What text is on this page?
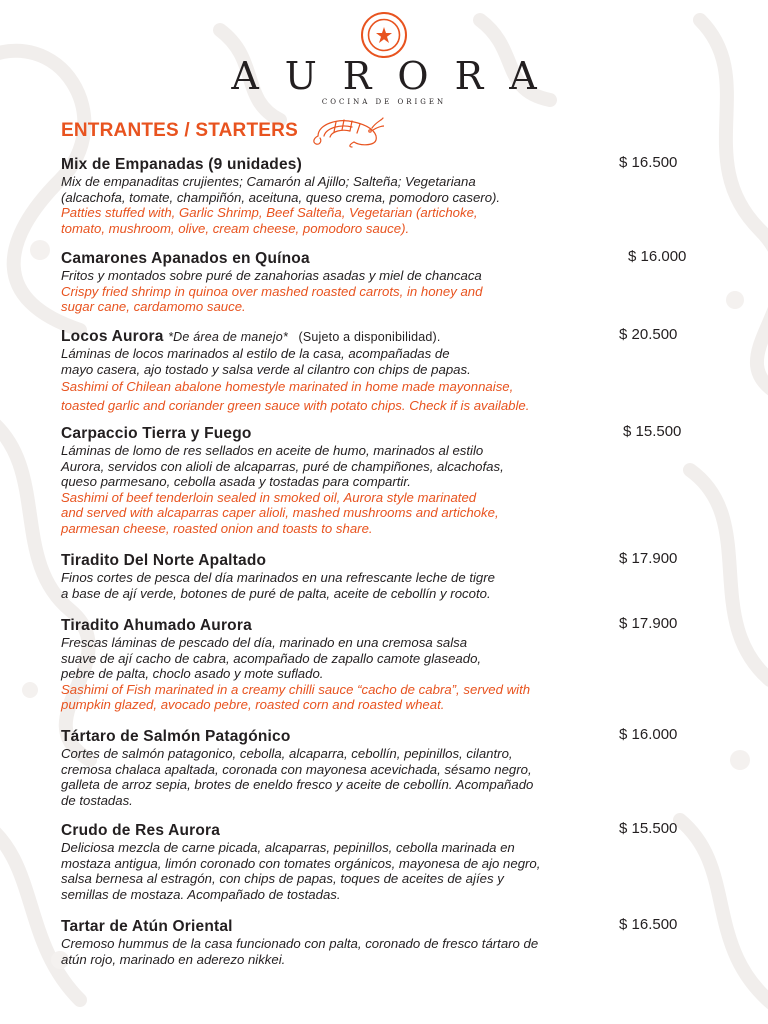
AURORA
COCINA DE ORIGEN
ENTRANTES / STARTERS
Mix de Empanadas (9 unidades)	$ 16.500
Mix de empanaditas crujientes; Camarón al Ajillo; Salteña; Vegetariana
(alcachofa, tomate, champiñón, aceituna, queso crema, pomodoro casero).
Patties stuffed with, Garlic Shrimp, Beef Salteña, Vegetarian (artichoke,
tomato, mushroom, olive, cream cheese, pomodoro sauce).
Camarones Apanados en Quínoa	$ 16.000
Fritos y montados sobre puré de zanahorias asadas y miel de chancaca
Crispy fried shrimp in quinoa over mashed roasted carrots, in honey and
sugar cane, cardamomo sauce.
Locos Aurora *De área de manejo* (Sujeto a disponibilidad).	$ 20.500
Láminas de locos marinados al estilo de la casa, acompañadas de
mayo casera, ajo tostado y salsa verde al cilantro con chips de papas.
Sashimi of Chilean abalone homestyle marinated in home made mayonnaise,
toasted garlic and coriander green sauce with potato chips. Check if is available.
Carpaccio Tierra y Fuego	$ 15.500
Láminas de lomo de res sellados en aceite de humo, marinados al estilo
Aurora, servidos con alioli de alcaparras, puré de champiñones, alcachofas,
queso parmesano, cebolla asada y tostadas para compartir.
Sashimi of beef tenderloin sealed in smoked oil, Aurora style marinated
and served with alcaparras caper alioli, mashed mushrooms and artichoke,
parmesan cheese, roasted onion and toasts to share.
Tiradito Del Norte Apaltado	$ 17.900
Finos cortes de pesca del día marinados en una refrescante leche de tigre
a base de ají verde, botones de puré de palta, aceite de cebollín y rocoto.
Tiradito Ahumado Aurora	$ 17.900
Frescas láminas de pescado del día, marinado en una cremosa salsa
suave de ají cacho de cabra, acompañado de zapallo camote glaseado,
pebre de palta, choclo asado y mote suflado.
Sashimi of Fish marinated in a creamy chilli sauce “cacho de cabra”, served with
pumpkin glazed, avocado pebre, roasted corn and roasted wheat.
Tártaro de Salmón Patagónico	$ 16.000
Cortes de salmón patagonico, cebolla, alcaparra, cebollín, pepinillos, cilantro,
cremosa chalaca apaltada, coronada con mayonesa acevichada, sésamo negro,
galleta de arroz sepia, brotes de eneldo fresco y aceite de cebollín. Acompañado
de tostadas.
Crudo de Res Aurora	$ 15.500
Deliciosa mezcla de carne picada, alcaparras, pepinillos, cebolla marinada en
mostaza antigua, limón coronado con tomates orgánicos, mayonesa de ajo negro,
salsa bernesa al estragón, con chips de papas, toques de aceites de ajíes y
semillas de mostaza. Acompañado de tostadas.
Tartar de Atún Oriental	$ 16.500
Cremoso hummus de la casa funcionado con palta, coronado de fresco tártaro de
atún rojo, marinado en aderezo nikkei.
